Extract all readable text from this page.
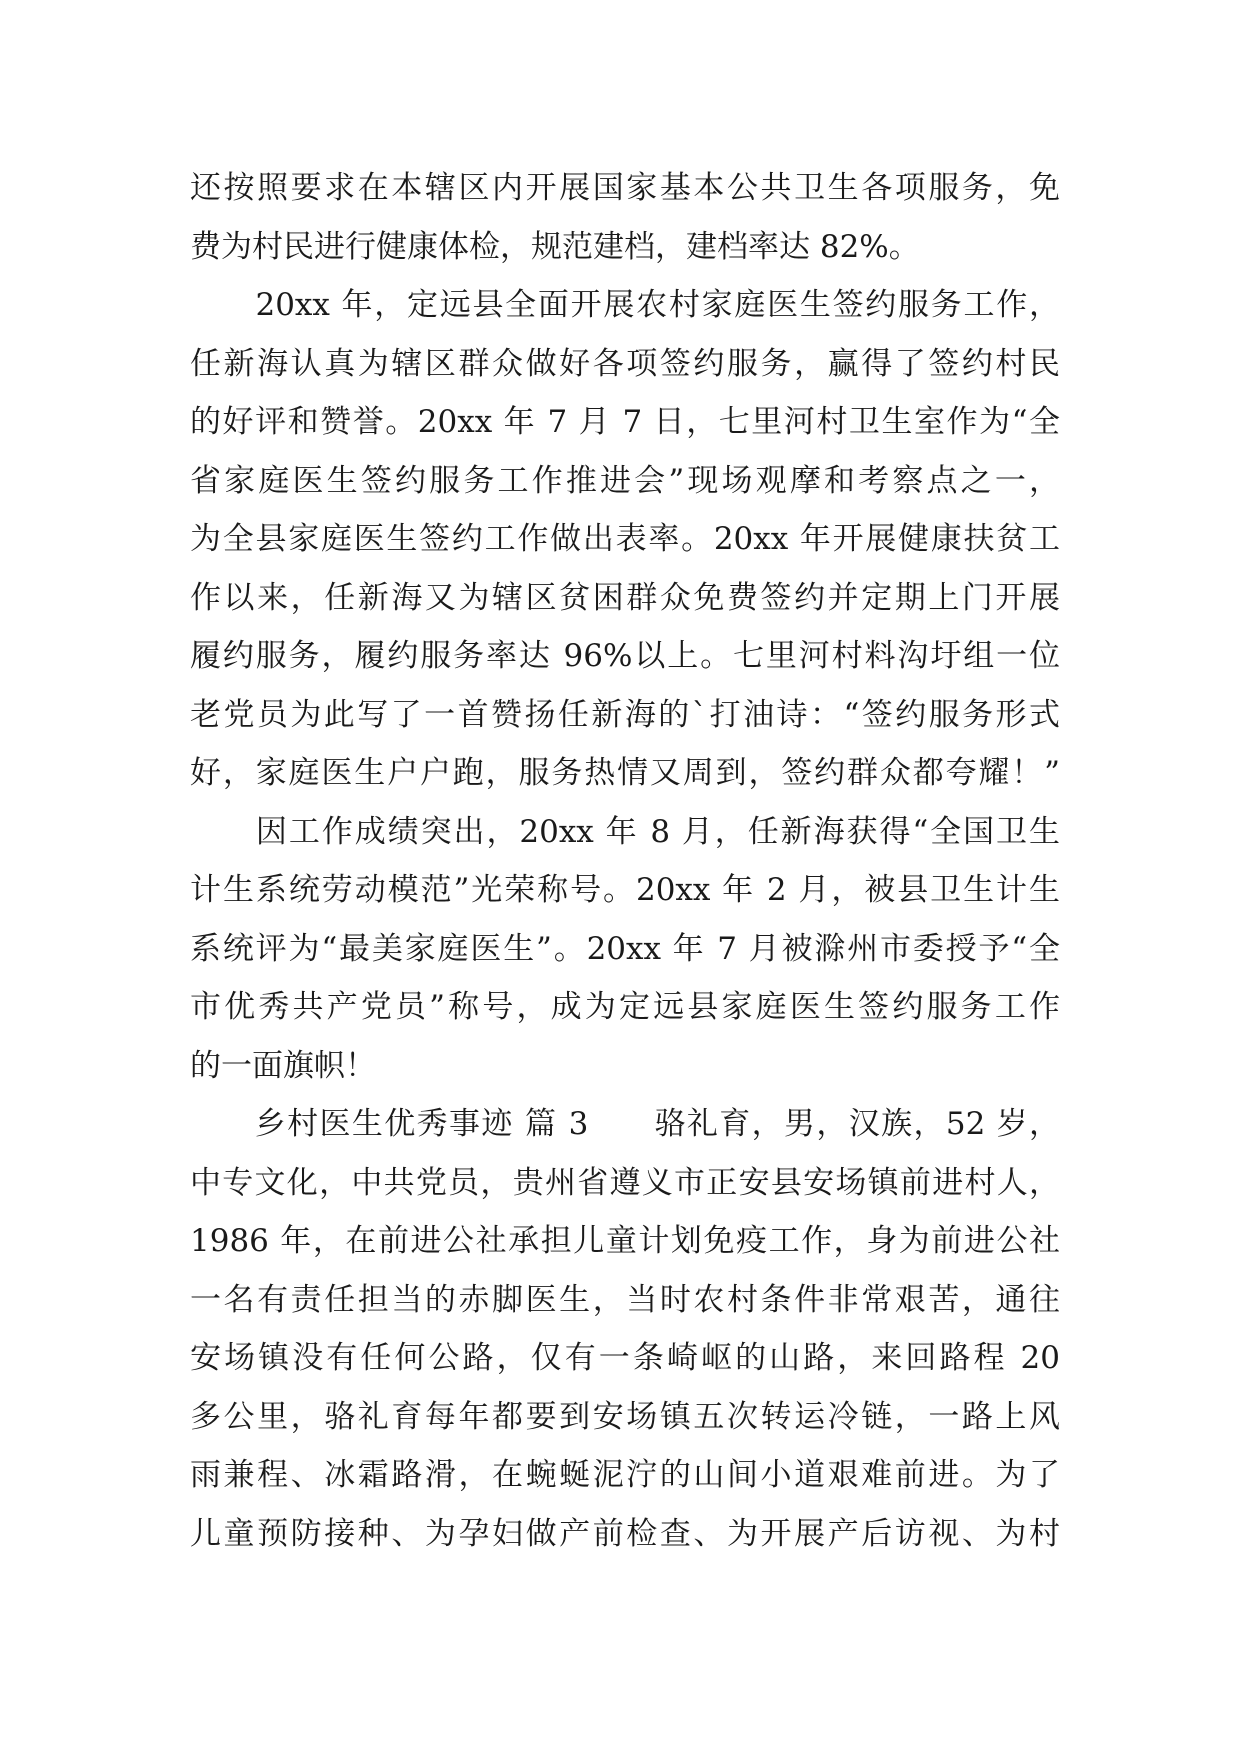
还按照要求在本辖区内开展国家基本公共卫生各项服务，免
费为村民进行健康体检，规范建档，建档率达 82%。
　　20xx 年，定远县全面开展农村家庭医生签约服务工作，
任新海认真为辖区群众做好各项签约服务，赢得了签约村民
的好评和赞誉。20xx 年 7 月 7 日，七里河村卫生室作为“全
省家庭医生签约服务工作推进会”现场观摩和考察点之一，
为全县家庭医生签约工作做出表率。20xx 年开展健康扶贫工
作以来，任新海又为辖区贫困群众免费签约并定期上门开展
履约服务，履约服务率达 96%以上。七里河村料沟圩组一位
老党员为此写了一首赞扬任新海的`打油诗：“签约服务形式
好，家庭医生户户跑，服务热情又周到，签约群众都夸耀！”
　　因工作成绩突出，20xx 年 8 月，任新海获得“全国卫生
计生系统劳动模范”光荣称号。20xx 年 2 月，被县卫生计生
系统评为“最美家庭医生”。20xx 年 7 月被滁州市委授予“全
市优秀共产党员”称号，成为定远县家庭医生签约服务工作
的一面旗帜！
　　乡村医生优秀事迹 篇 3　　骆礼育，男，汉族，52 岁，
中专文化，中共党员，贵州省遵义市正安县安场镇前进村人，
1986 年，在前进公社承担儿童计划免疫工作，身为前进公社
一名有责任担当的赤脚医生，当时农村条件非常艰苦，通往
安场镇没有任何公路，仅有一条崎岖的山路，来回路程 20
多公里，骆礼育每年都要到安场镇五次转运冷链，一路上风
雨兼程、冰霜路滑，在蜿蜒泥泞的山间小道艰难前进。为了
儿童预防接种、为孕妇做产前检查、为开展产后访视、为村
